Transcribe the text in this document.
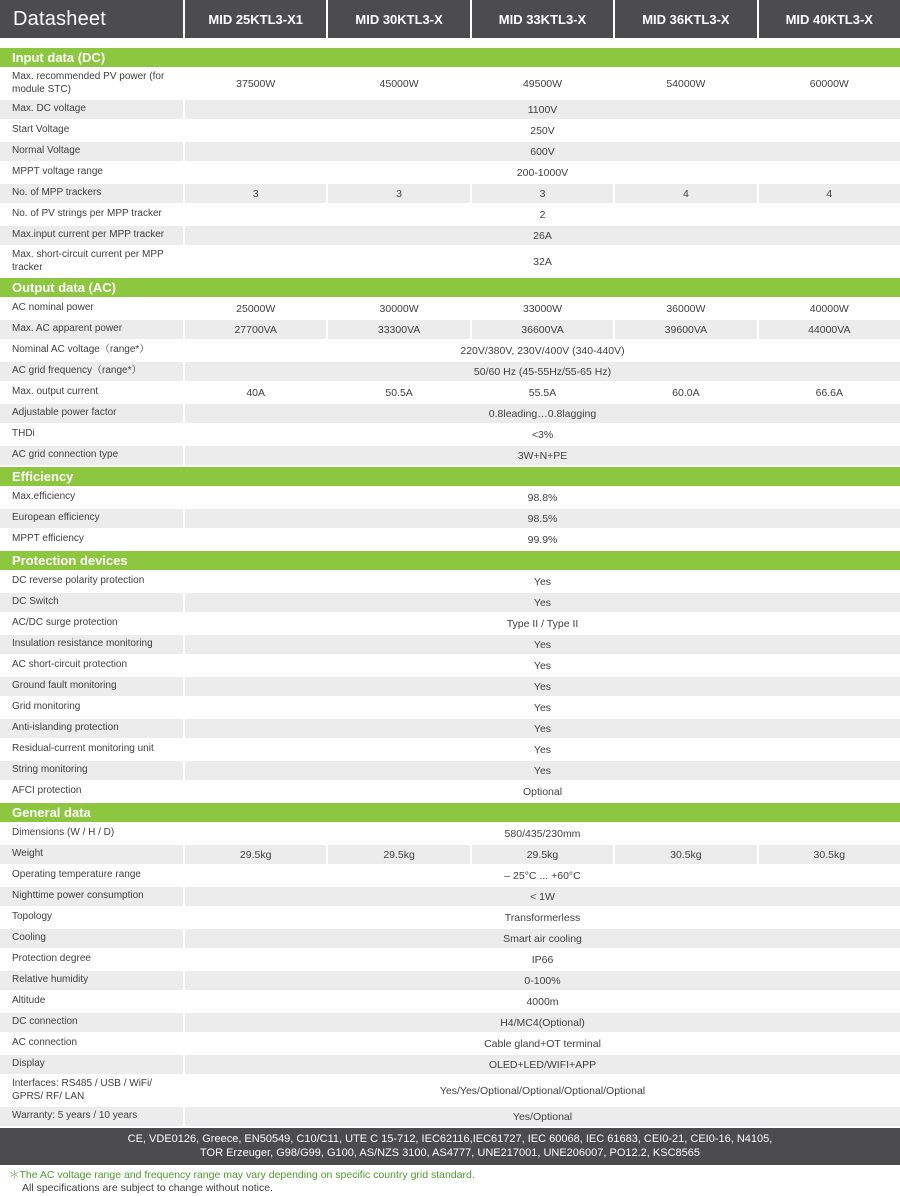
Datasheet	MID 25KTL3-X1	MID 30KTL3-X	MID 33KTL3-X	MID 36KTL3-X	MID 40KTL3-X
Input data (DC)
Max. recommended PV power (for module STC)	37500W	45000W	49500W	54000W	60000W
Max. DC voltage	1100V
Start Voltage	250V
Normal Voltage	600V
MPPT voltage range	200-1000V
No. of MPP trackers	3	3	3	4	4
No. of PV strings per MPP tracker	2
Max.input current per MPP tracker	26A
Max. short-circuit current per MPP tracker	32A
Output data (AC)
AC nominal power	25000W	30000W	33000W	36000W	40000W
Max. AC apparent power	27700VA	33300VA	36600VA	39600VA	44000VA
Nominal AC voltage（range*）	220V/380V, 230V/400V (340-440V)
AC grid frequency（range*）	50/60 Hz (45-55Hz/55-65 Hz)
Max. output current	40A	50.5A	55.5A	60.0A	66.6A
Adjustable power factor	0.8leading…0.8lagging
THDi	<3%
AC grid connection type	3W+N+PE
Efficiency
Max.efficiency	98.8%
European efficiency	98.5%
MPPT efficiency	99.9%
Protection devices
DC reverse polarity protection	Yes
DC Switch	Yes
AC/DC surge protection	Type II / Type II
Insulation resistance monitoring	Yes
AC short-circuit protection	Yes
Ground fault monitoring	Yes
Grid monitoring	Yes
Anti-islanding protection	Yes
Residual-current monitoring unit	Yes
String monitoring	Yes
AFCI protection	Optional
General data
Dimensions (W / H / D)	580/435/230mm
Weight	29.5kg	29.5kg	29.5kg	30.5kg	30.5kg
Operating temperature range	– 25°C ... +60°C
Nighttime power consumption	< 1W
Topology	Transformerless
Cooling	Smart air cooling
Protection degree	IP66
Relative humidity	0-100%
Altitude	4000m
DC connection	H4/MC4(Optional)
AC connection	Cable gland+OT terminal
Display	OLED+LED/WIFI+APP
Interfaces: RS485 / USB / WiFi/ GPRS/ RF/ LAN	Yes/Yes/Optional/Optional/Optional/Optional
Warranty: 5 years / 10 years	Yes/Optional
CE, VDE0126, Greece, EN50549, C10/C11, UTE C 15-712, IEC62116,IEC61727, IEC 60068, IEC 61683, CEI0-21, CEI0-16, N4105,
TOR Erzeuger, G98/G99, G100, AS/NZS 3100, AS4777, UNE217001, UNE206007, PO12.2, KSC8565
＊The AC voltage range and frequency range may vary depending on specific country grid standard.
All specifications are subject to change without notice.
